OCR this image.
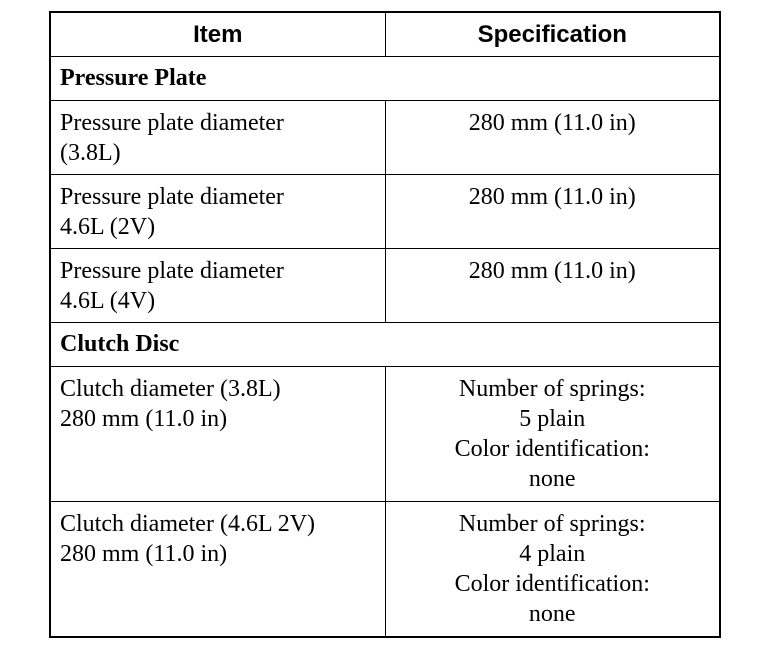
Item	Specification
Pressure Plate	

Pressure plate diameter
(3.8L)	280 mm (11.0 in)

Pressure plate diameter
4.6L (2V)	280 mm (11.0 in)

Pressure plate diameter
4.6L (4V)	280 mm (11.0 in)

Clutch Disc	

Clutch diameter (3.8L)
280 mm (11.0 in)	Number of springs:
5 plain
Color identification:
none

Clutch diameter (4.6L 2V)
280 mm (11.0 in)	Number of springs:
4 plain
Color identification:
none
